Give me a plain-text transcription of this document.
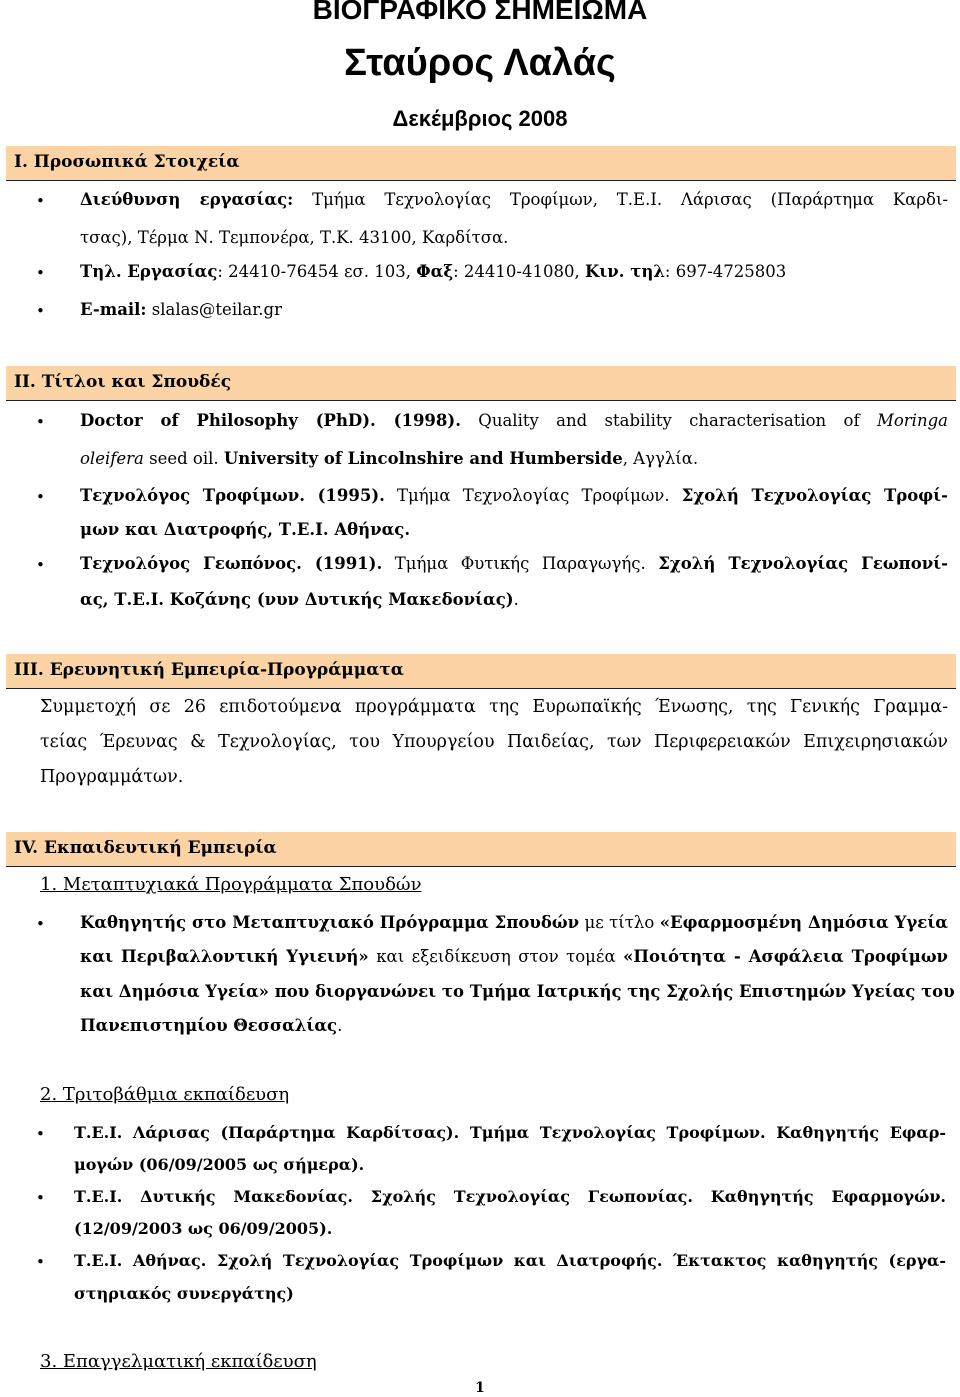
ΒΙΟΓΡΑΦΙΚΟ ΣΗΜΕΙΩΜΑ
Σταύρος Λαλάς
Δεκέμβριος 2008
I. Προσωπικά Στοιχεία
• Διεύθυνση εργασίας: Τμήμα Τεχνολογίας Τροφίμων, Τ.Ε.Ι. Λάρισας (Παράρτημα Καρδι-
τσας), Τέρμα Ν. Τεμπονέρα, Τ.Κ. 43100, Καρδίτσα.
• Τηλ. Εργασίας: 24410-76454 εσ. 103, Φαξ: 24410-41080, Κιν. τηλ: 697-4725803
• E-mail: slalas@teilar.gr
II. Τίτλοι και Σπουδές
• Doctor of Philosophy (PhD). (1998). Quality and stability characterisation of Moringa
oleifera seed oil. University of Lincolnshire and Humberside, Αγγλία.
• Τεχνολόγος Τροφίμων. (1995). Τμήμα Τεχνολογίας Τροφίμων. Σχολή Τεχνολογίας Τροφί-
μων και Διατροφής, Τ.Ε.Ι. Αθήνας.
• Τεχνολόγος Γεωπόνος. (1991). Τμήμα Φυτικής Παραγωγής. Σχολή Τεχνολογίας Γεωπονί-
ας, Τ.Ε.Ι. Κοζάνης (νυν Δυτικής Μακεδονίας).
III. Ερευνητική Εμπειρία-Προγράμματα
Συμμετοχή σε 26 επιδοτούμενα προγράμματα της Ευρωπαϊκής Ένωσης, της Γενικής Γραμμα-
τείας Έρευνας & Τεχνολογίας, του Υπουργείου Παιδείας, των Περιφερειακών Επιχειρησιακών
Προγραμμάτων.
IV. Εκπαιδευτική Εμπειρία
1. Μεταπτυχιακά Προγράμματα Σπουδών
• Καθηγητής στο Μεταπτυχιακό Πρόγραμμα Σπουδών με τίτλο «Εφαρμοσμένη Δημόσια Υγεία
και Περιβαλλοντική Υγιεινή» και εξειδίκευση στον τομέα «Ποιότητα - Ασφάλεια Τροφίμων
και Δημόσια Υγεία» που διοργανώνει το Τμήμα Ιατρικής της Σχολής Επιστημών Υγείας του
Πανεπιστημίου Θεσσαλίας.
2. Τριτοβάθμια εκπαίδευση
• Τ.Ε.Ι. Λάρισας (Παράρτημα Καρδίτσας). Τμήμα Τεχνολογίας Τροφίμων. Καθηγητής Εφαρ-
μογών (06/09/2005 ως σήμερα).
• Τ.Ε.Ι. Δυτικής Μακεδονίας. Σχολής Τεχνολογίας Γεωπονίας. Καθηγητής Εφαρμογών.
(12/09/2003 ως 06/09/2005).
• Τ.Ε.Ι. Αθήνας. Σχολή Τεχνολογίας Τροφίμων και Διατροφής. Έκτακτος καθηγητής (εργα-
στηριακός συνεργάτης)
3. Επαγγελματική εκπαίδευση
1
